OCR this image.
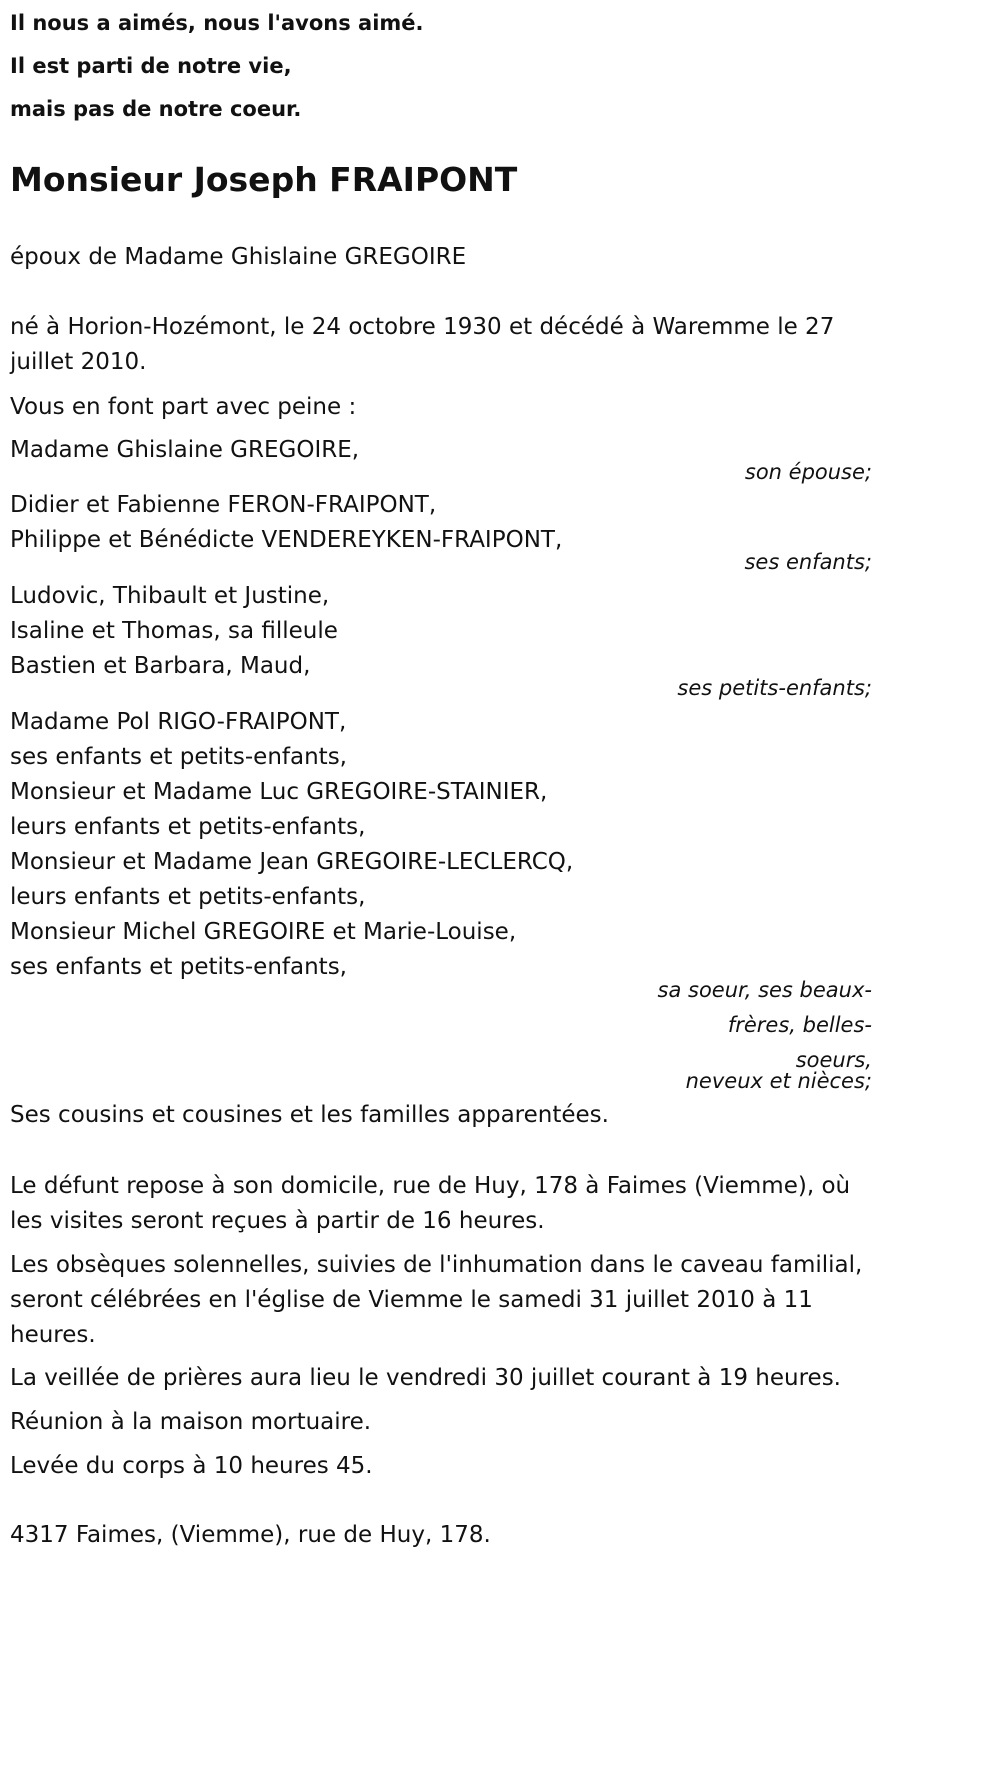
Il nous a aimés, nous l'avons aimé.
Il est parti de notre vie,
mais pas de notre coeur.
Monsieur Joseph FRAIPONT
époux de Madame Ghislaine GREGOIRE
né à Horion-Hozémont, le 24 octobre 1930 et décédé à Waremme le 27 juillet 2010.
Vous en font part avec peine :
Madame Ghislaine GREGOIRE,
son épouse;
Didier et Fabienne FERON-FRAIPONT,
Philippe et Bénédicte VENDEREYKEN-FRAIPONT,
ses enfants;
Ludovic, Thibault et Justine,
Isaline et Thomas, sa filleule
Bastien et Barbara, Maud,
ses petits-enfants;
Madame Pol RIGO-FRAIPONT,
ses enfants et petits-enfants,
Monsieur et Madame Luc GREGOIRE-STAINIER,
leurs enfants et petits-enfants,
Monsieur et Madame Jean GREGOIRE-LECLERCQ,
leurs enfants et petits-enfants,
Monsieur Michel GREGOIRE et Marie-Louise,
ses enfants et petits-enfants,
sa soeur, ses beaux-
frères, belles-
soeurs,
neveux et nièces;
Ses cousins et cousines et les familles apparentées.
Le défunt repose à son domicile, rue de Huy, 178 à Faimes (Viemme), où les visites seront reçues à partir de 16 heures.
Les obsèques solennelles, suivies de l'inhumation dans le caveau familial, seront célébrées en l'église de Viemme le samedi 31 juillet 2010 à 11 heures.
La veillée de prières aura lieu le vendredi 30 juillet courant à 19 heures.
Réunion à la maison mortuaire.
Levée du corps à 10 heures 45.
4317 Faimes, (Viemme), rue de Huy, 178.
